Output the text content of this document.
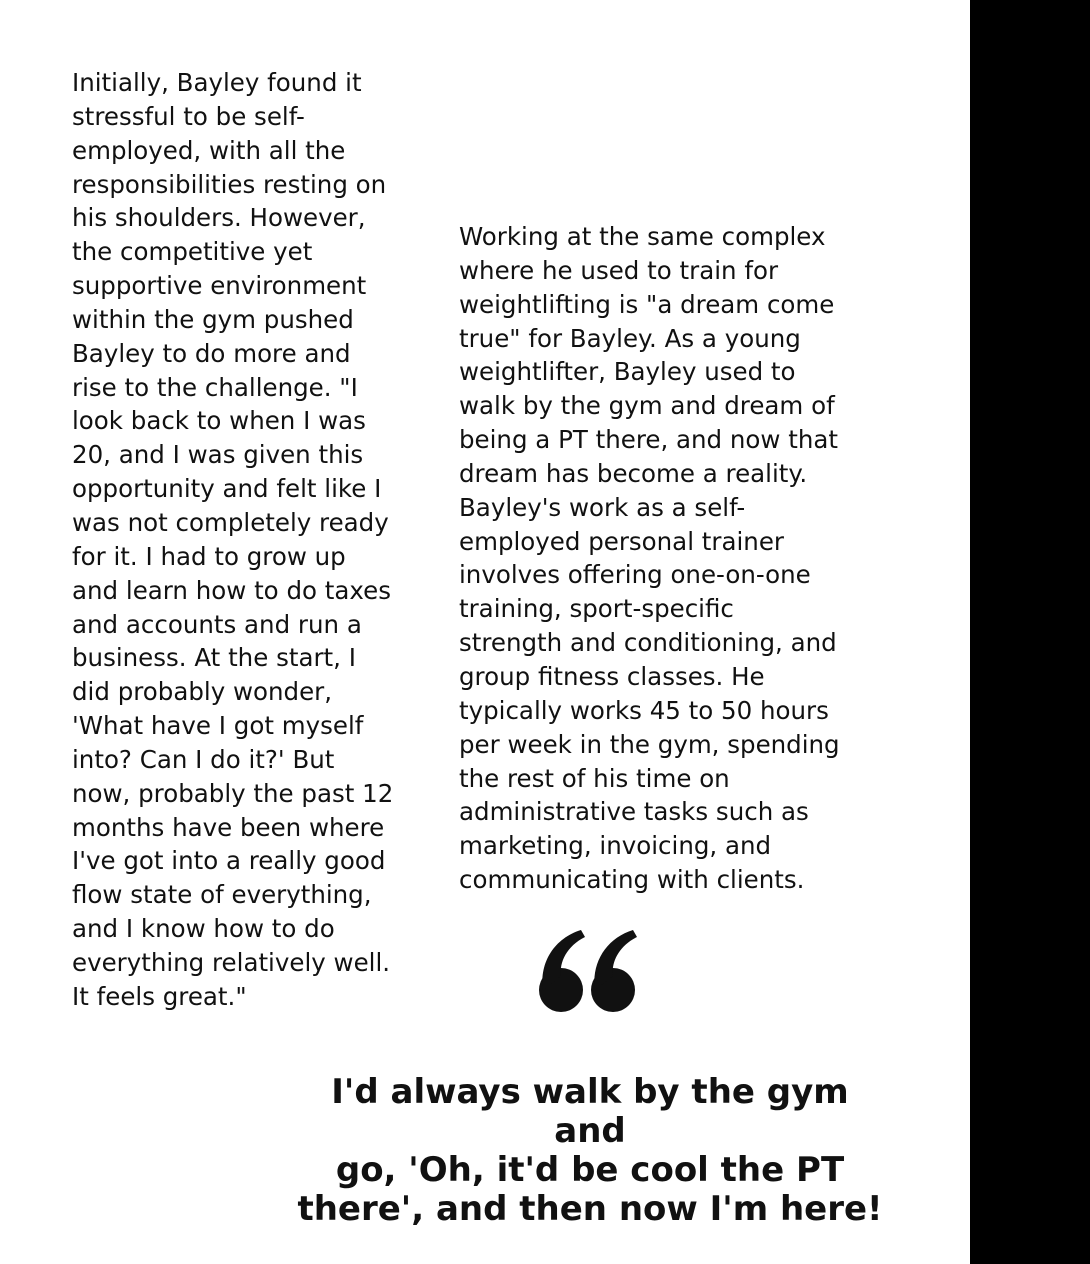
Initially, Bayley found it

stressful to be self-

employed, with all the

responsibilities resting on

his shoulders. However,

the competitive yet

supportive environment

within the gym pushed

Bayley to do more and

rise to the challenge. "I

look back to when I was

20, and I was given this

opportunity and felt like I

was not completely ready

for it. I had to grow up

and learn how to do taxes

and accounts and run a

business. At the start, I

did probably wonder,

'What have I got myself

into? Can I do it?' But

now, probably the past 12

months have been where

I've got into a really good

flow state of everything,

and I know how to do

everything relatively well.

It feels great."

Working at the same complex

where he used to train for

weightlifting is "a dream come

true" for Bayley. As a young

weightlifter, Bayley used to

walk by the gym and dream of

being a PT there, and now that

dream has become a reality.

Bayley's work as a self-

employed personal trainer

involves offering one-on-one

training, sport-specific

strength and conditioning, and

group fitness classes. He

typically works 45 to 50 hours

per week in the gym, spending

the rest of his time on

administrative tasks such as

marketing, invoicing, and

communicating with clients.

I'd always walk by the gym and
go, 'Oh, it'd be cool the PT
there', and then now I'm here!
